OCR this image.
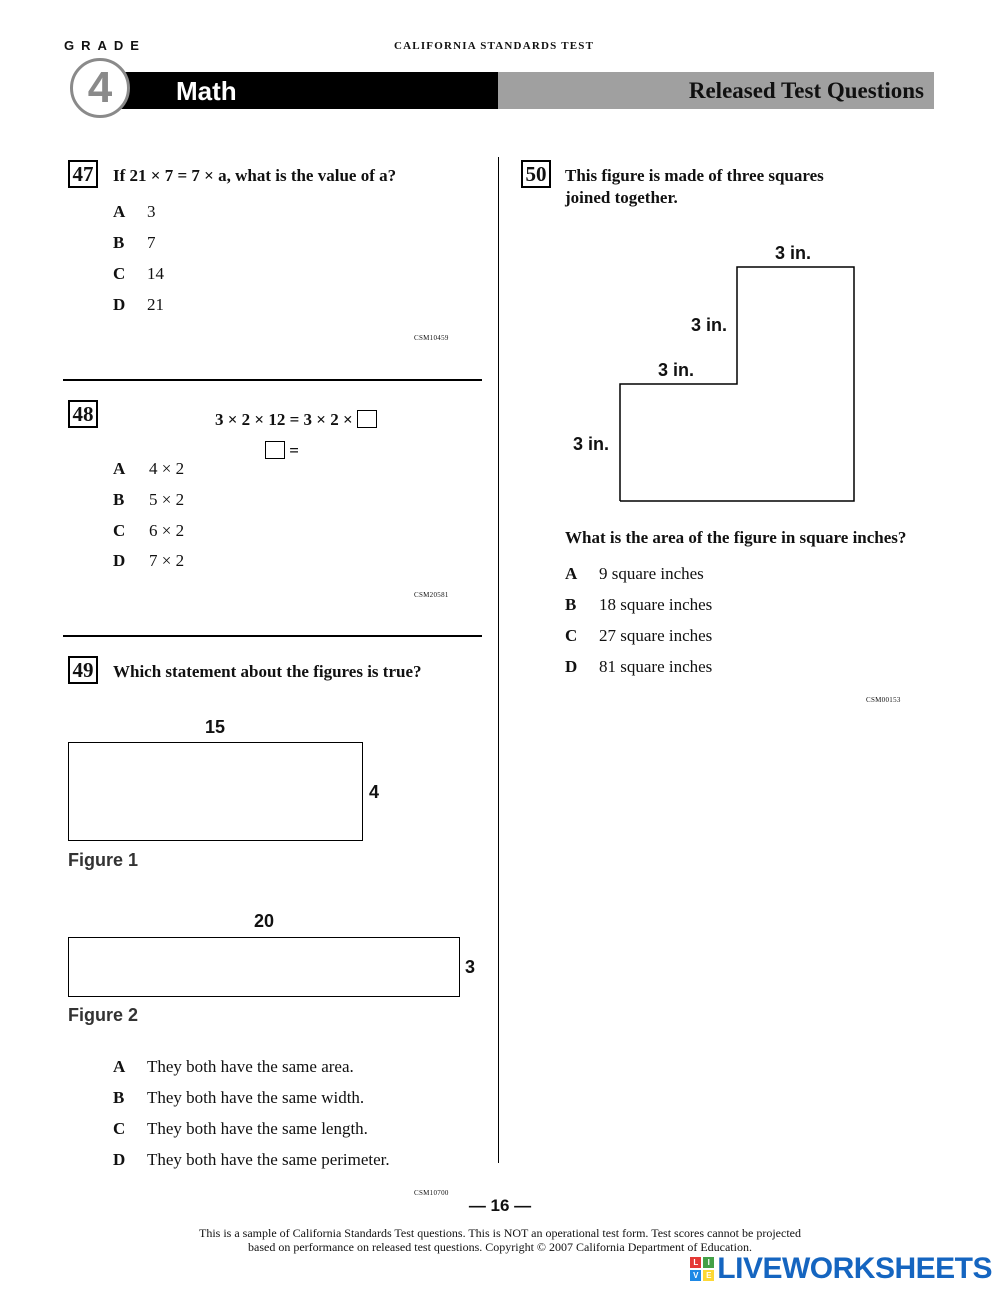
GRADE	CALIFORNIA STANDARDS TEST
4 Math	Released Test Questions
47 If 21 × 7 = 7 × a, what is the value of a?
A 3
B 7
C 14
D 21
CSM10459
48	3 × 2 × 12 = 3 × 2 ×
=
A 4 × 2
B 5 × 2
C 6 × 2
D 7 × 2
CSM20581
49 Which statement about the figures is true?
15
4
Figure 1
20
3
Figure 2
A They both have the same area.
B They both have the same width.
C They both have the same length.
D They both have the same perimeter.
CSM10700
50 This figure is made of three squares
joined together.
3 in.
3 in.
3 in.
3 in.
What is the area of the figure in square inches?
A 9 square inches
B 18 square inches
C 27 square inches
D 81 square inches
CSM00153
— 16 —
This is a sample of California Standards Test questions. This is NOT an operational test form. Test scores cannot be projected
based on performance on released test questions. Copyright © 2007 California Department of Education.
L	I
V E LIVEWORKSHEETS
